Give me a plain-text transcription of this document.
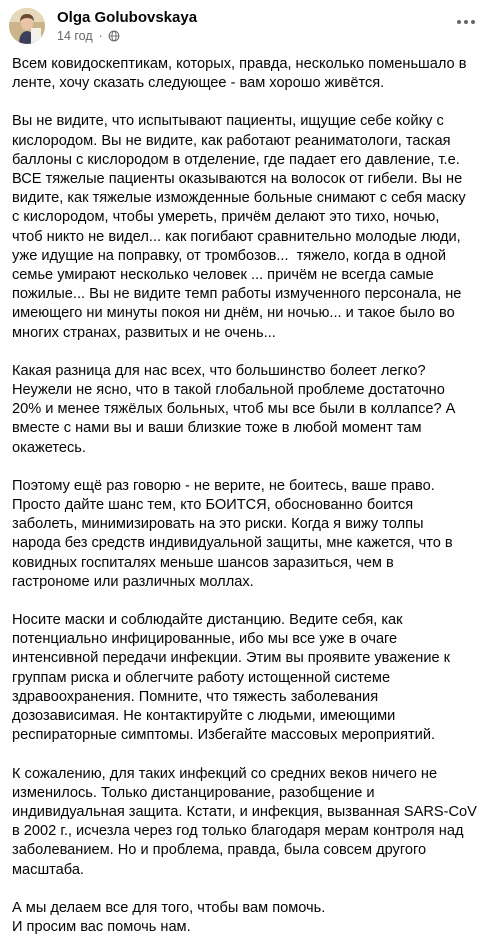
Olga Golubovskaya
14 год ·

Всем ковидоскептикам, которых, правда, несколько поменьшало в
ленте, хочу сказать следующее - вам хорошо живётся.

Вы не видите, что испытывают пациенты, ищущие себе койку с
кислородом. Вы не видите, как работают реаниматологи, таская
баллоны с кислородом в отделение, где падает его давление, т.е.
ВСЕ тяжелые пациенты оказываются на волосок от гибели. Вы не
видите, как тяжелые изможденные больные снимают с себя маску
с кислородом, чтобы умереть, причём делают это тихо, ночью,
чтоб никто не видел... как погибают сравнительно молодые люди,
уже идущие на поправку, от тромбозов...  тяжело, когда в одной
семье умирают несколько человек ... причём не всегда самые
пожилые... Вы не видите темп работы измученного персонала, не
имеющего ни минуты покоя ни днём, ни ночью... и такое было во
многих странах, развитых и не очень...

Какая разница для нас всех, что большинство болеет легко?
Неужели не ясно, что в такой глобальной проблеме достаточно
20% и менее тяжёлых больных, чтоб мы все были в коллапсе? А
вместе с нами вы и ваши близкие тоже в любой момент там
окажетесь.

Поэтому ещё раз говорю - не верите, не боитесь, ваше право.
Просто дайте шанс тем, кто БОИТСЯ, обоснованно боится
заболеть, минимизировать на это риски. Когда я вижу толпы
народа без средств индивидуальной защиты, мне кажется, что в
ковидных госпиталях меньше шансов заразиться, чем в
гастрономе или различных моллах.

Носите маски и соблюдайте дистанцию. Ведите себя, как
потенциально инфицированные, ибо мы все уже в очаге
интенсивной передачи инфекции. Этим вы проявите уважение к
группам риска и облегчите работу истощенной системе
здравоохранения. Помните, что тяжесть заболевания
дозозависимая. Не контактируйте с людьми, имеющими
респираторные симптомы. Избегайте массовых мероприятий.

К сожалению, для таких инфекций со средних веков ничего не
изменилось. Только дистанцирование, разобщение и
индивидуальная защита. Кстати, и инфекция, вызванная SARS-CoV
в 2002 г., исчезла через год только благодаря мерам контроля над
заболеванием. Но и проблема, правда, была совсем другого
масштаба.

А мы делаем все для того, чтобы вам помочь.
И просим вас помочь нам.
